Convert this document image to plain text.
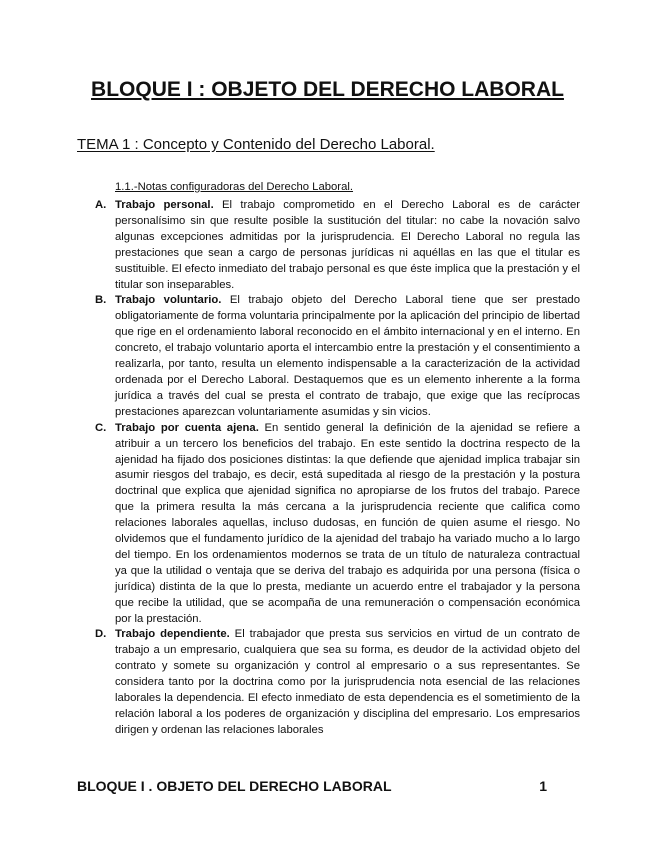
BLOQUE I : OBJETO DEL DERECHO LABORAL
TEMA 1 : Concepto y Contenido del Derecho Laboral.
1.1.-Notas configuradoras del Derecho Laboral.
A. Trabajo personal. El trabajo comprometido en el Derecho Laboral es de carácter personalísimo sin que resulte posible la sustitución del titular: no cabe la novación salvo algunas excepciones admitidas por la jurisprudencia. El Derecho Laboral no regula las prestaciones que sean a cargo de personas jurídicas ni aquéllas en las que el titular es sustituible. El efecto inmediato del trabajo personal es que éste implica que la prestación y el titular son inseparables.
B. Trabajo voluntario. El trabajo objeto del Derecho Laboral tiene que ser prestado obligatoriamente de forma voluntaria principalmente por la aplicación del principio de libertad que rige en el ordenamiento laboral reconocido en el ámbito internacional y en el interno. En concreto, el trabajo voluntario aporta el intercambio entre la prestación y el consentimiento a realizarla, por tanto, resulta un elemento indispensable a la caracterización de la actividad ordenada por el Derecho Laboral. Destaquemos que es un elemento inherente a la forma jurídica a través del cual se presta el contrato de trabajo, que exige que las recíprocas prestaciones aparezcan voluntariamente asumidas y sin vicios.
C. Trabajo por cuenta ajena. En sentido general la definición de la ajenidad se refiere a atribuir a un tercero los beneficios del trabajo. En este sentido la doctrina respecto de la ajenidad ha fijado dos posiciones distintas: la que defiende que ajenidad implica trabajar sin asumir riesgos del trabajo, es decir, está supeditada al riesgo de la prestación y la postura doctrinal que explica que ajenidad significa no apropiarse de los frutos del trabajo. Parece que la primera resulta la más cercana a la jurisprudencia reciente que califica como relaciones laborales aquellas, incluso dudosas, en función de quien asume el riesgo. No olvidemos que el fundamento jurídico de la ajenidad del trabajo ha variado mucho a lo largo del tiempo. En los ordenamientos modernos se trata de un título de naturaleza contractual ya que la utilidad o ventaja que se deriva del trabajo es adquirida por una persona (física o jurídica) distinta de la que lo presta, mediante un acuerdo entre el trabajador y la persona que recibe la utilidad, que se acompaña de una remuneración o compensación económica por la prestación.
D. Trabajo dependiente. El trabajador que presta sus servicios en virtud de un contrato de trabajo a un empresario, cualquiera que sea su forma, es deudor de la actividad objeto del contrato y somete su organización y control al empresario o a sus representantes. Se considera tanto por la doctrina como por la jurisprudencia nota esencial de las relaciones laborales la dependencia. El efecto inmediato de esta dependencia es el sometimiento de la relación laboral a los poderes de organización y disciplina del empresario. Los empresarios dirigen y ordenan las relaciones laborales
BLOQUE I . OBJETO DEL DERECHO LABORAL	1
